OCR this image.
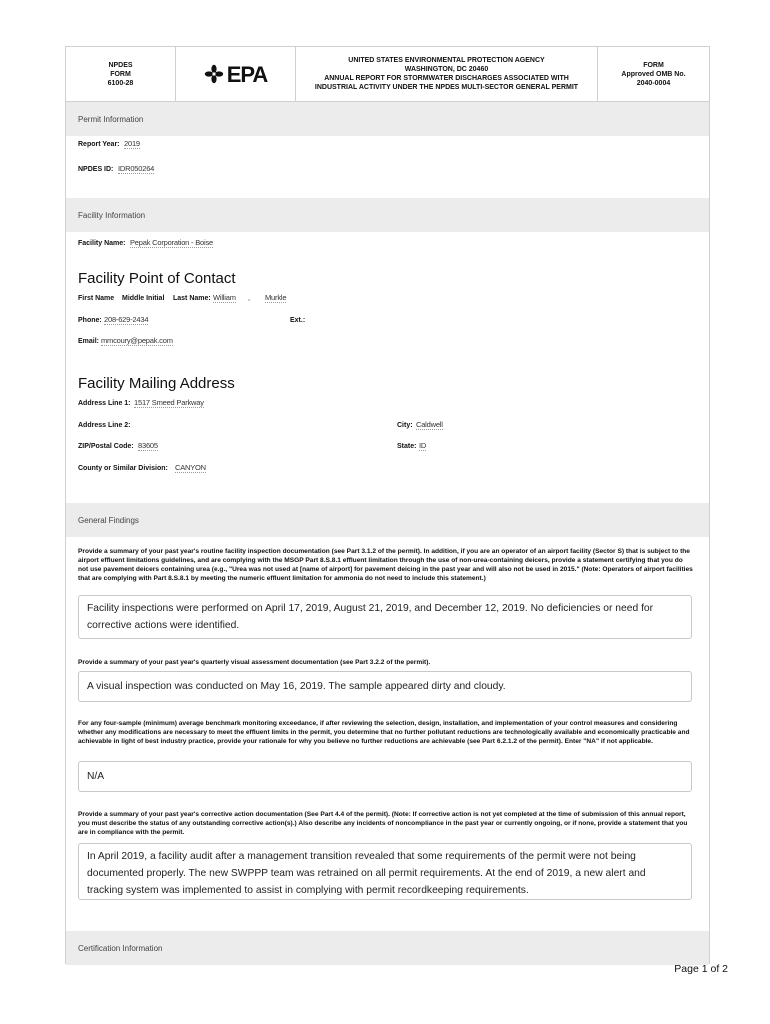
NPDES
FORM
6100-28	EPA
UNITED STATES ENVIRONMENTAL PROTECTION AGENCY
WASHINGTON, DC 20460
ANNUAL REPORT FOR STORMWATER DISCHARGES ASSOCIATED WITH
INDUSTRIAL ACTIVITY UNDER THE NPDES MULTI-SECTOR GENERAL PERMIT
FORM
Approved OMB No.
2040-0004
Permit Information
Report Year: 2019
NPDES ID: IDR050264
Facility Information
Facility Name: Pepak Corporation - Boise
Facility Point of Contact
First Name Middle Initial Last Name: William , Murkle
Phone: 208-629-2434	Ext.:
Email: mmcoury@pepak.com
Facility Mailing Address
Address Line 1: 1517 Smeed Parkway
Address Line 2:	City: Caldwell
ZIP/Postal Code: 83605	State: ID
County or Similar Division: CANYON
General Findings
Provide a summary of your past year's routine facility inspection documentation (see Part 3.1.2 of the permit). In addition, if you are an operator of an airport facility (Sector S) that is subject to the airport effluent limitations guidelines, and are complying with the MSGP Part 8.S.8.1 effluent limitation through the use of non-urea-containing deicers, provide a statement certifying that you do not use pavement deicers containing urea (e.g., "Urea was not used at [name of airport] for pavement deicing in the past year and will also not be used in 2015." (Note: Operators of airport facilities that are complying with Part 8.S.8.1 by meeting the numeric effluent limitation for ammonia do not need to include this statement.)
Facility inspections were performed on April 17, 2019, August 21, 2019, and December 12, 2019. No deficiencies or need for corrective actions were identified.
Provide a summary of your past year's quarterly visual assessment documentation (see Part 3.2.2 of the permit).
A visual inspection was conducted on May 16, 2019. The sample appeared dirty and cloudy.
For any four-sample (minimum) average benchmark monitoring exceedance, if after reviewing the selection, design, installation, and implementation of your control measures and considering whether any modifications are necessary to meet the effluent limits in the permit, you determine that no further pollutant reductions are technologically available and economically practicable and achievable in light of best industry practice, provide your rationale for why you believe no further reductions are achievable (see Part 6.2.1.2 of the permit). Enter "NA" if not applicable.
N/A
Provide a summary of your past year's corrective action documentation (See Part 4.4 of the permit). (Note: If corrective action is not yet completed at the time of submission of this annual report, you must describe the status of any outstanding corrective action(s).) Also describe any incidents of noncompliance in the past year or currently ongoing, or if none, provide a statement that you are in compliance with the permit.
In April 2019, a facility audit after a management transition revealed that some requirements of the permit were not being documented properly. The new SWPPP team was retrained on all permit requirements. At the end of 2019, a new alert and tracking system was implemented to assist in complying with permit recordkeeping requirements.
Certification Information
Page 1 of 2
